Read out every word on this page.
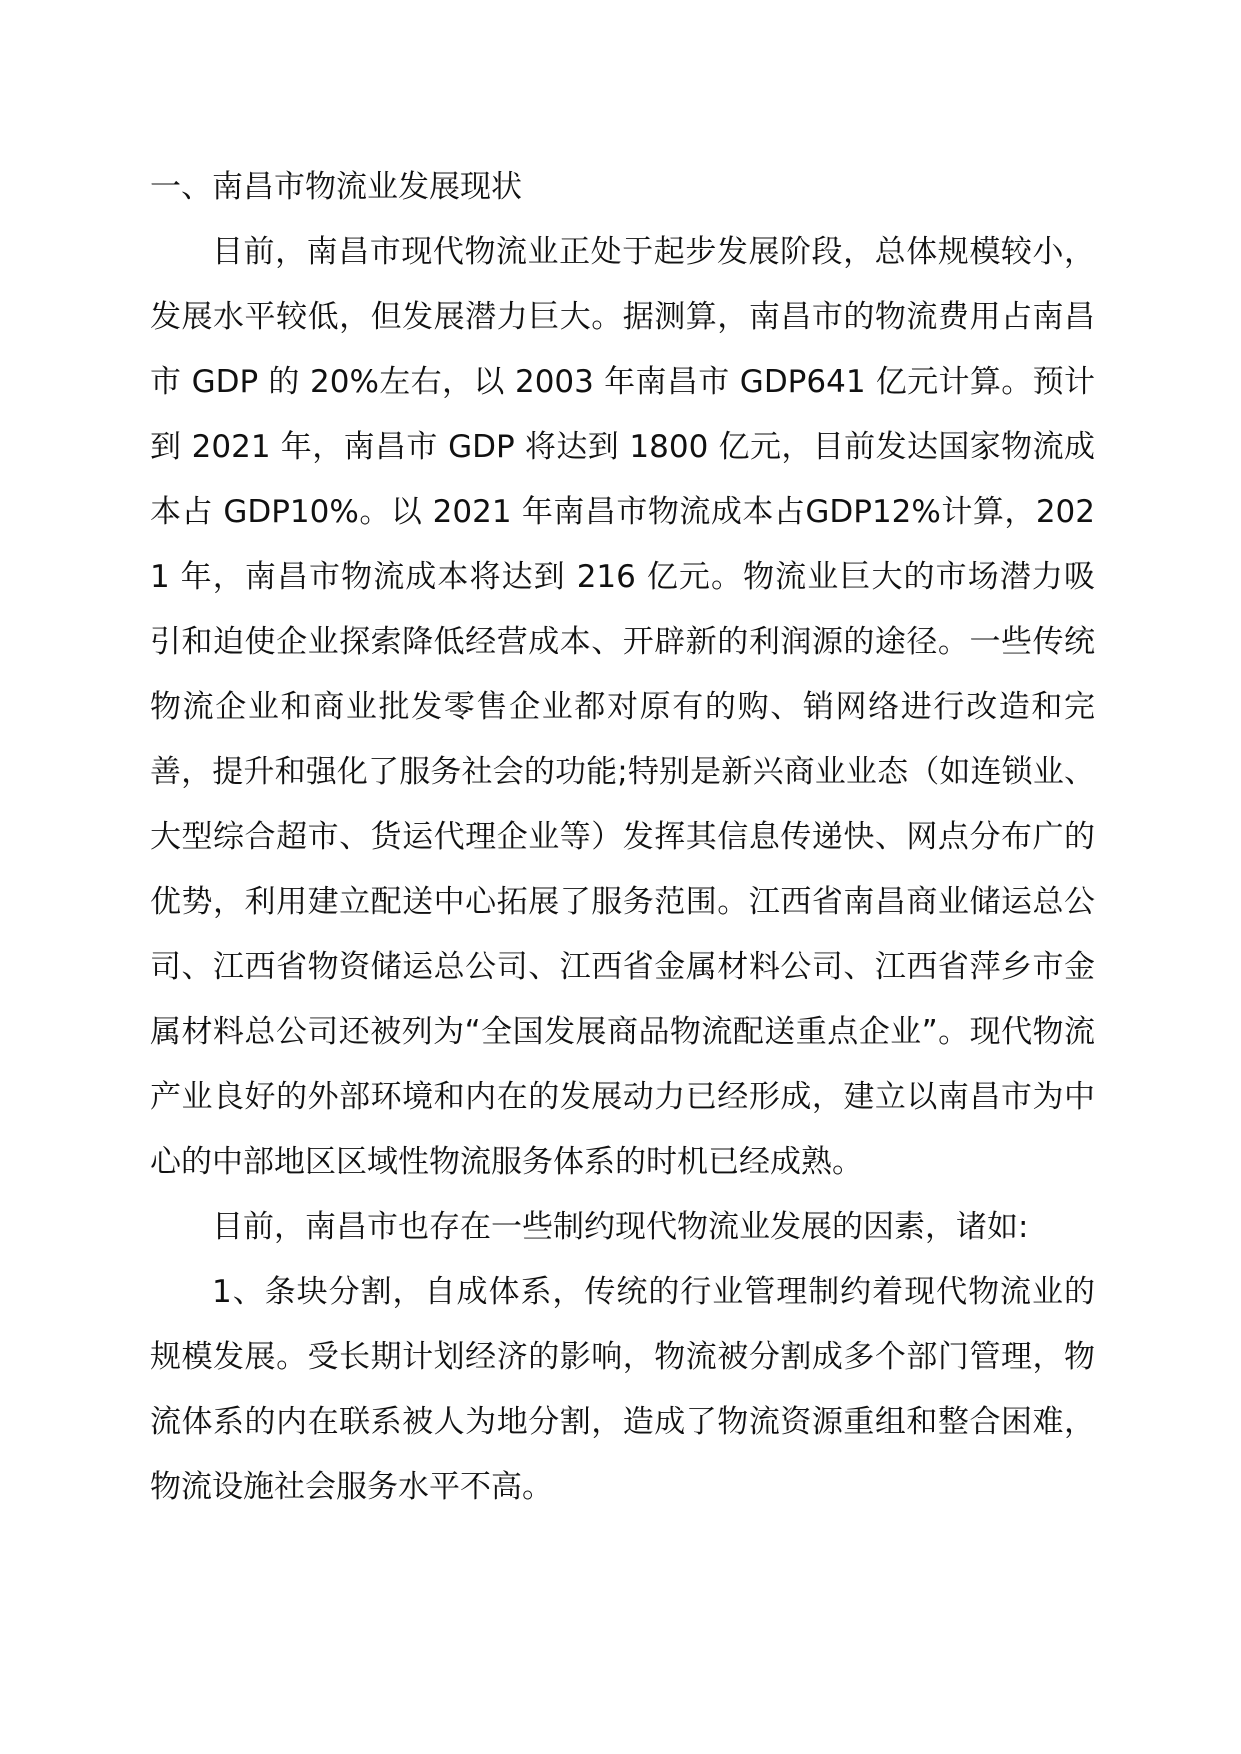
一、南昌市物流业发展现状

目前，南昌市现代物流业正处于起步发展阶段，总体规模较小，发展水平较低，但发展潜力巨大。据测算，南昌市的物流费用占南昌市 GDP 的 20%左右，以 2003 年南昌市 GDP641 亿元计算。预计到 2021 年，南昌市 GDP 将达到 1800 亿元，目前发达国家物流成本占 GDP10%。以 2021 年南昌市物流成本占GDP12%计算，2021 年，南昌市物流成本将达到 216 亿元。物流业巨大的市场潜力吸引和迫使企业探索降低经营成本、开辟新的利润源的途径。一些传统物流企业和商业批发零售企业都对原有的购、销网络进行改造和完善，提升和强化了服务社会的功能;特别是新兴商业业态（如连锁业、大型综合超市、货运代理企业等）发挥其信息传递快、网点分布广的优势，利用建立配送中心拓展了服务范围。江西省南昌商业储运总公司、江西省物资储运总公司、江西省金属材料公司、江西省萍乡市金属材料总公司还被列为“全国发展商品物流配送重点企业”。现代物流产业良好的外部环境和内在的发展动力已经形成，建立以南昌市为中心的中部地区区域性物流服务体系的时机已经成熟。

目前，南昌市也存在一些制约现代物流业发展的因素，诸如:

1、条块分割，自成体系，传统的行业管理制约着现代物流业的规模发展。受长期计划经济的影响，物流被分割成多个部门管理，物流体系的内在联系被人为地分割，造成了物流资源重组和整合困难，物流设施社会服务水平不高。
